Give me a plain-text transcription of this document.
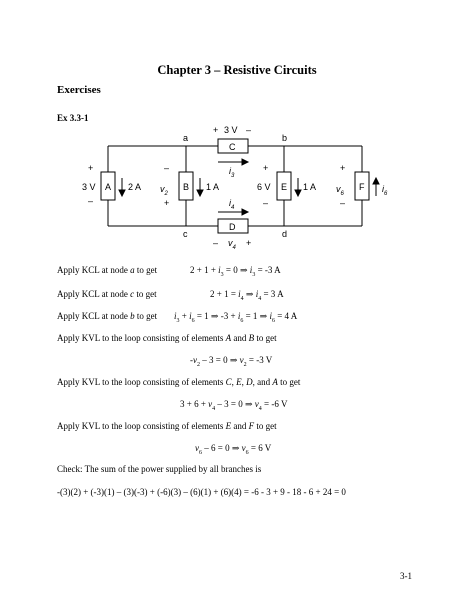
Chapter 3 – Resistive Circuits
Exercises
Ex 3.3-1
a	b
c	d
A	B	E	F
C
D
+
–
3 V	2 A
–
+
$v_2$
1 A
+ 3 V –
$i_3$
$i_4$
– $v_4$ +
+
–
6 V	1 A
+
–
$v_6$	$i_6$
Apply KCL at node a to get	$2 + 1 + i_3 = 0$ ⇒ $i_3 = -3$ A
Apply KCL at node c to get	$2 + 1 = i_4$ ⇒ $i_4 = 3$ A
Apply KCL at node b to get $i_3 + i_6 = 1$ ⇒ $-3 + i_6 = 1$ ⇒ $i_6 = 4$ A
Apply KVL to the loop consisting of elements A and B to get
$-v_2 - 3 = 0$ ⇒ $v_2 = -3$ V
Apply KVL to the loop consisting of elements C, E, D, and A to get
$3 + 6 + v_4 - 3 = 0$ ⇒ $v_4 = -6$ V
Apply KVL to the loop consisting of elements E and F to get
$v_6 - 6 = 0$ ⇒ $v_6 = 6$ V
Check: The sum of the power supplied by all branches is
-(3)(2) + (-3)(1) – (3)(-3) + (-6)(3) – (6)(1) + (6)(4) = -6 - 3 + 9 - 18 - 6 + 24 = 0
3-1
